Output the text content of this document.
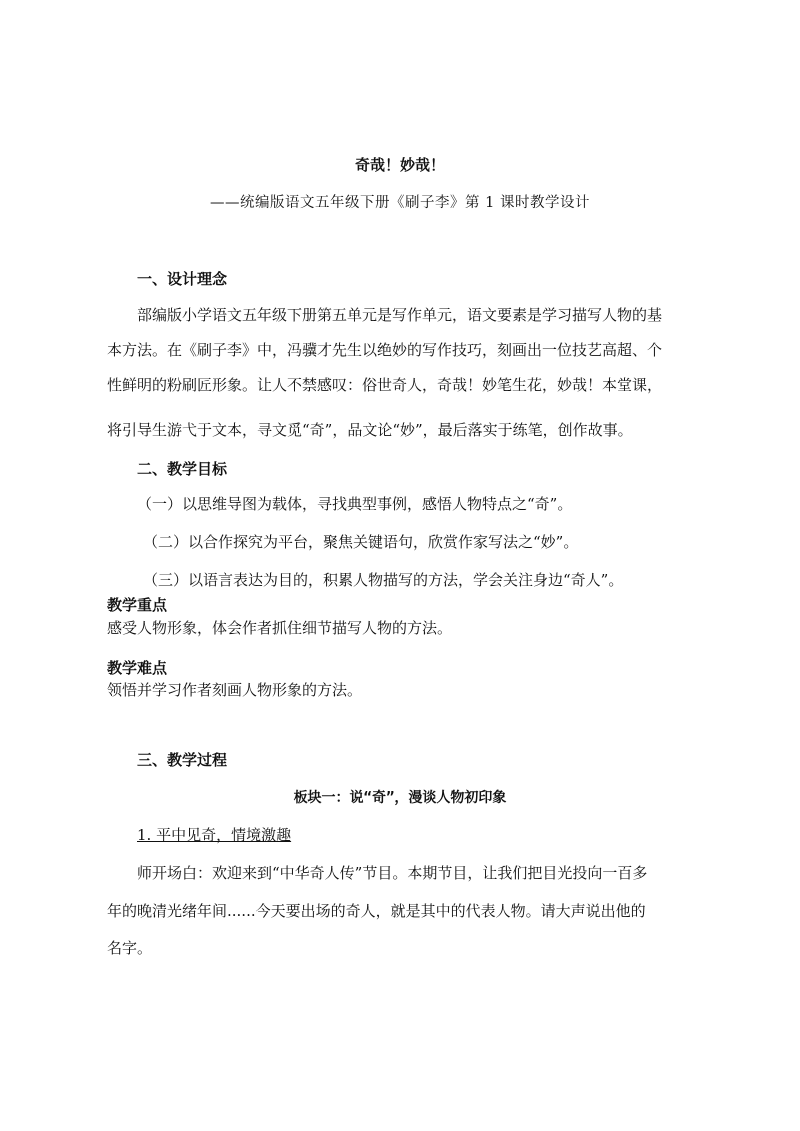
奇哉！妙哉！
——统编版语文五年级下册《刷子李》第 1 课时教学设计
一、设计理念
部编版小学语文五年级下册第五单元是写作单元，语文要素是学习描写人物的基
本方法。在《刷子李》中，冯骥才先生以绝妙的写作技巧，刻画出一位技艺高超、个
性鲜明的粉刷匠形象。让人不禁感叹：俗世奇人，奇哉！妙笔生花，妙哉！本堂课，
将引导生游弋于文本，寻文觅“奇”，品文论“妙”，最后落实于练笔，创作故事。
二、教学目标
（一）以思维导图为载体，寻找典型事例，感悟人物特点之“奇”。
（二）以合作探究为平台，聚焦关键语句，欣赏作家写法之“妙”。
（三）以语言表达为目的，积累人物描写的方法，学会关注身边“奇人”。
教学重点
感受人物形象，体会作者抓住细节描写人物的方法。
教学难点
领悟并学习作者刻画人物形象的方法。
三、教学过程
板块一：说“奇”，漫谈人物初印象
1. 平中见奇，情境激趣
师开场白：欢迎来到“中华奇人传”节目。本期节目，让我们把目光投向一百多
年的晚清光绪年间......今天要出场的奇人，就是其中的代表人物。请大声说出他的
名字。
